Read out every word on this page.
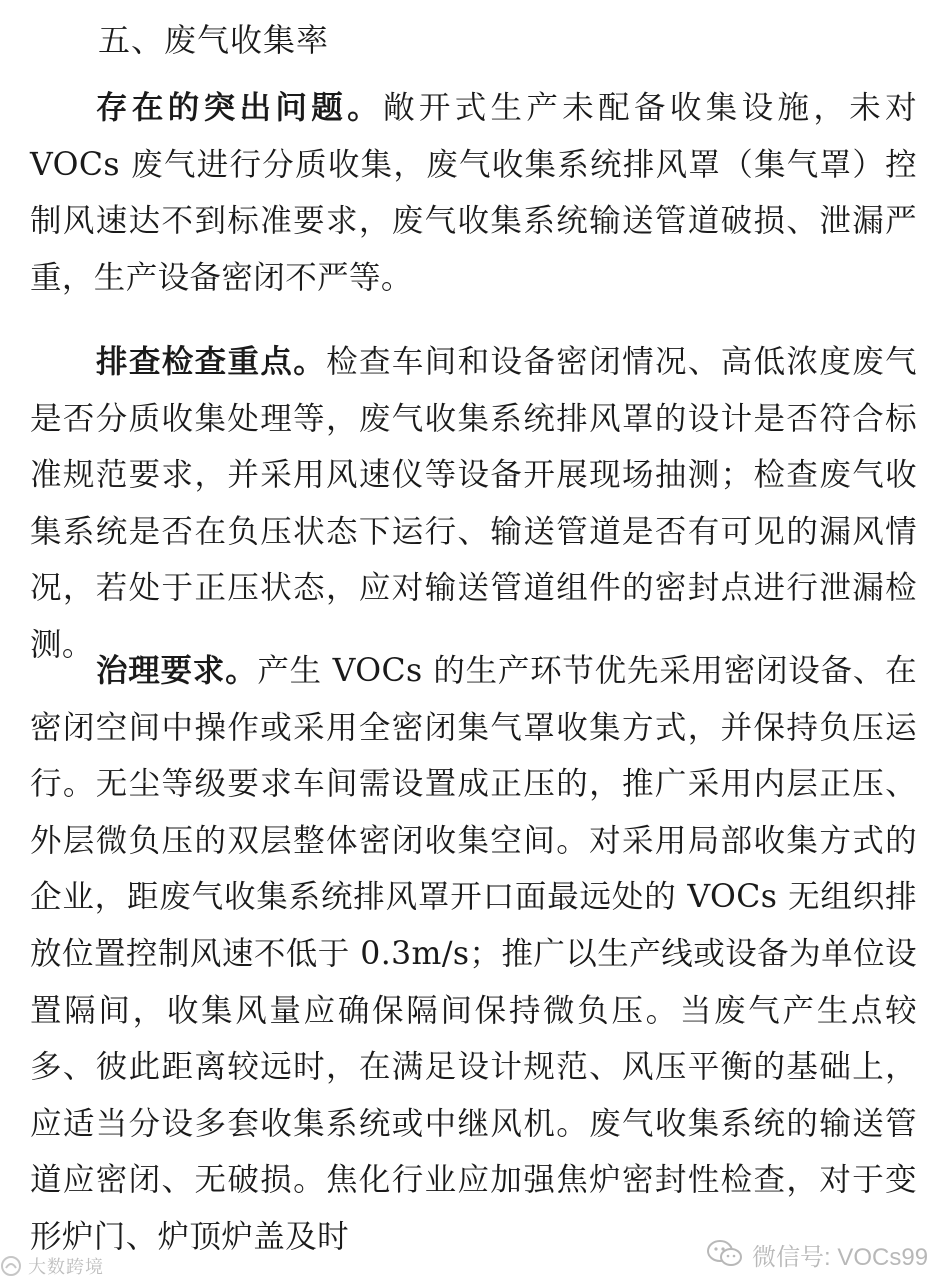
五、废气收集率

存在的突出问题。敞开式生产未配备收集设施，未对 VOCs 废气进行分质收集，废气收集系统排风罩（集气罩）控制风速达不到标准要求，废气收集系统输送管道破损、泄漏严重，生产设备密闭不严等。

排查检查重点。检查车间和设备密闭情况、高低浓度废气是否分质收集处理等，废气收集系统排风罩的设计是否符合标准规范要求，并采用风速仪等设备开展现场抽测；检查废气收集系统是否在负压状态下运行、输送管道是否有可见的漏风情况，若处于正压状态，应对输送管道组件的密封点进行泄漏检测。

治理要求。产生 VOCs 的生产环节优先采用密闭设备、在密闭空间中操作或采用全密闭集气罩收集方式，并保持负压运行。无尘等级要求车间需设置成正压的，推广采用内层正压、外层微负压的双层整体密闭收集空间。对采用局部收集方式的企业，距废气收集系统排风罩开口面最远处的 VOCs 无组织排放位置控制风速不低于 0.3m/s；推广以生产线或设备为单位设置隔间，收集风量应确保隔间保持微负压。当废气产生点较多、彼此距离较远时，在满足设计规范、风压平衡的基础上，应适当分设多套收集系统或中继风机。废气收集系统的输送管道应密闭、无破损。焦化行业应加强焦炉密封性检查，对于变形炉门、炉顶炉盖及时

大数跨境	微信号: VOCs99
